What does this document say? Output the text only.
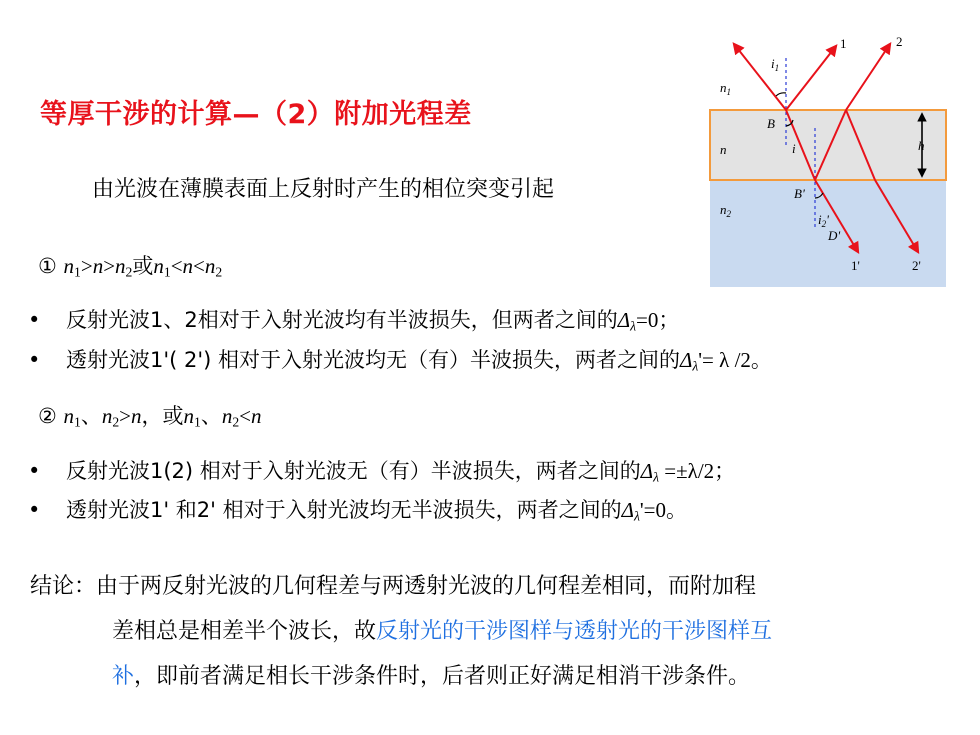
等厚干涉的计算—（2）附加光程差
由光波在薄膜表面上反射时产生的相位突变引起
① $n_1>n>n_2$或$n_1<n<n_2$
• 反射光波1、2相对于入射光波均有半波损失，但两者之间的$\Delta_\lambda=0$；
• 透射光波1'( 2') 相对于入射光波均无（有）半波损失，两者之间的$\Delta_\lambda'= \lambda$ /2。
② $n_1$、$n_2>n$，或$n_1$、$n_2<n$
• 反射光波1(2) 相对于入射光波无（有）半波损失，两者之间的$\Delta_\lambda =\pm\lambda/2$；
• 透射光波1' 和2' 相对于入射光波均无半波损失，两者之间的$\Delta_\lambda'=0$。
结论：由于两反射光波的几何程差与两透射光波的几何程差相同，而附加程
差相总是相差半个波长，故反射光的干涉图样与透射光的干涉图样互
补，即前者满足相长干涉条件时，后者则正好满足相消干涉条件。
1	2
$i_1$
$n_1$
B
n	i	h
B'
$n_2$	$i_2'$
D'
1'	2'
